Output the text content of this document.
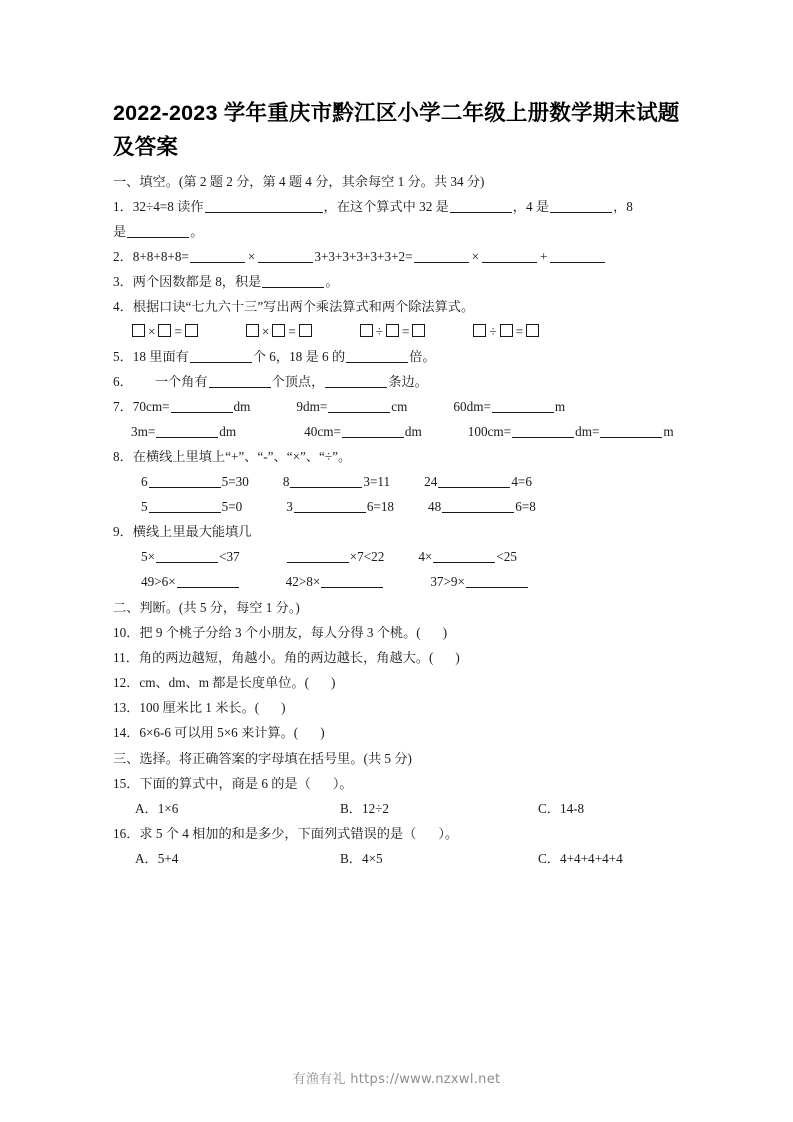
2022-2023 学年重庆市黔江区小学二年级上册数学期末试题及答案
一、填空。(第 2 题 2 分，第 4 题 4 分，其余每空 1 分。共 34 分)
1．32÷4=8 读作	，在这个算式中 32 是	，4 是	，8
是	。
2．8+8+8+8=	×	3+3+3+3+3+3+2=	×	+
3．两个因数都是 8，积是	。
4．根据口诀“七九六十三”写出两个乘法算式和两个除法算式。
× =	× =	÷ =	÷ =
5．18 里面有	个 6，18 是 6 的	倍。
6． 一个角有	个顶点，	条边。
7．70cm=	dm	9dm=	cm	60dm=	m
3m=	dm	40cm=	dm	100cm=	dm=	m
8．在横线上里填上“+”、“-”、“×”、“÷”。
6	5=30	8	3=11	24	4=6
5	5=0	3	6=18	48	6=8
9．横线上里最大能填几
5×	<37	×7<22	4×	<25
49>6×	42>8×	37>9×
二、判断。(共 5 分，每空 1 分。)
10．把 9 个桃子分给 3 个小朋友，每人分得 3 个桃。( )
11．角的两边越短，角越小。角的两边越长，角越大。( )
12．cm、dm、m 都是长度单位。( )
13．100 厘米比 1 米长。( )
14．6×6-6 可以用 5×6 来计算。( )
三、选择。将正确答案的字母填在括号里。(共 5 分)
15．下面的算式中，商是 6 的是（ ）。
A．1×6	B．12÷2	C．14-8
16．求 5 个 4 相加的和是多少，下面列式错误的是（ ）。
A．5+4	B．4×5	C．4+4+4+4+4
有渔有礼 https://www.nzxwl.net
